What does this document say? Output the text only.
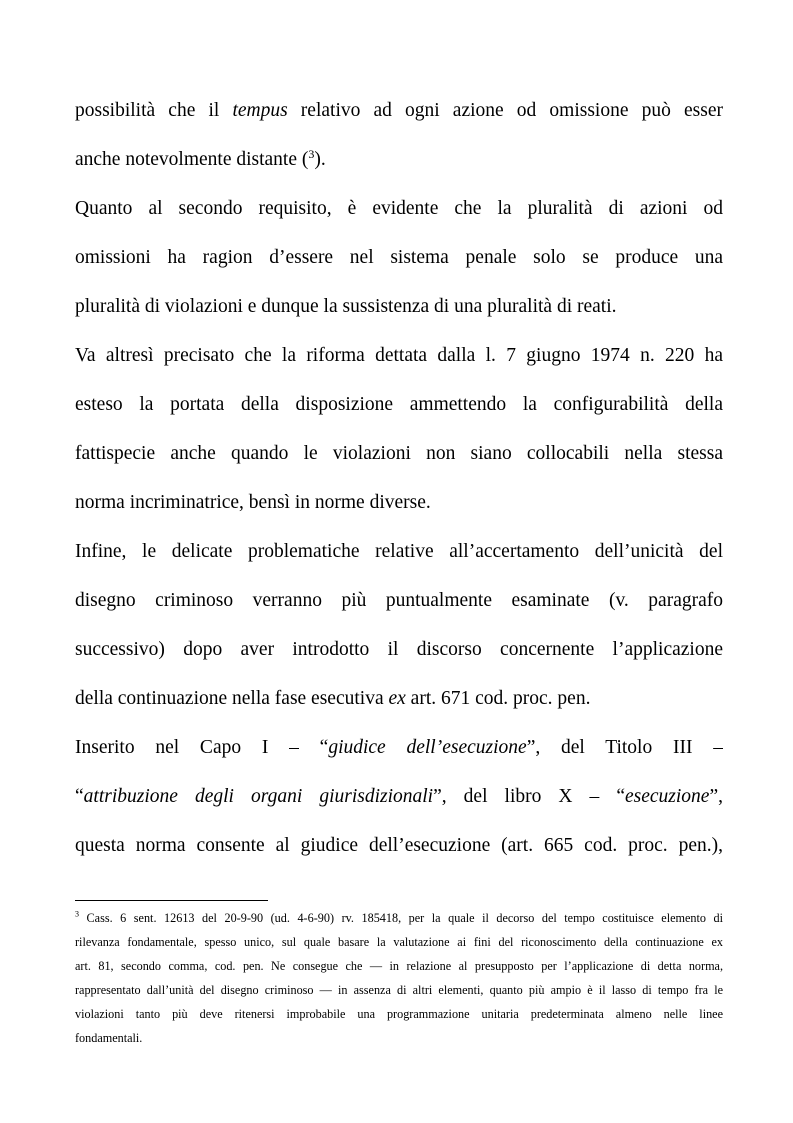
possibilità che il tempus relativo ad ogni azione od omissione può esser
anche notevolmente distante ($^3$).
Quanto al secondo requisito, è evidente che la pluralità di azioni od
omissioni ha ragion d’essere nel sistema penale solo se produce una
pluralità di violazioni e dunque la sussistenza di una pluralità di reati.
Va altresì precisato che la riforma dettata dalla l. 7 giugno 1974 n. 220 ha
esteso la portata della disposizione ammettendo la configurabilità della
fattispecie anche quando le violazioni non siano collocabili nella stessa
norma incriminatrice, bensì in norme diverse.
Infine, le delicate problematiche relative all’accertamento dell’unicità del
disegno criminoso verranno più puntualmente esaminate (v. paragrafo
successivo) dopo aver introdotto il discorso concernente l’applicazione
della continuazione nella fase esecutiva ex art. 671 cod. proc. pen.
Inserito nel Capo I – “giudice dell’esecuzione”, del Titolo III –
“attribuzione degli organi giurisdizionali”, del libro X – “esecuzione”,
questa norma consente al giudice dell’esecuzione (art. 665 cod. proc. pen.),
$^3$ Cass. 6 sent. 12613 del 20-9-90 (ud. 4-6-90) rv. 185418, per la quale il decorso del tempo costituisce elemento di
rilevanza fondamentale, spesso unico, sul quale basare la valutazione ai fini del riconoscimento della continuazione ex
art. 81, secondo comma, cod. pen. Ne consegue che — in relazione al presupposto per l’applicazione di detta norma,
rappresentato dall’unità del disegno criminoso — in assenza di altri elementi, quanto più ampio è il lasso di tempo fra le
violazioni tanto più deve ritenersi improbabile una programmazione unitaria predeterminata almeno nelle linee
fondamentali.
